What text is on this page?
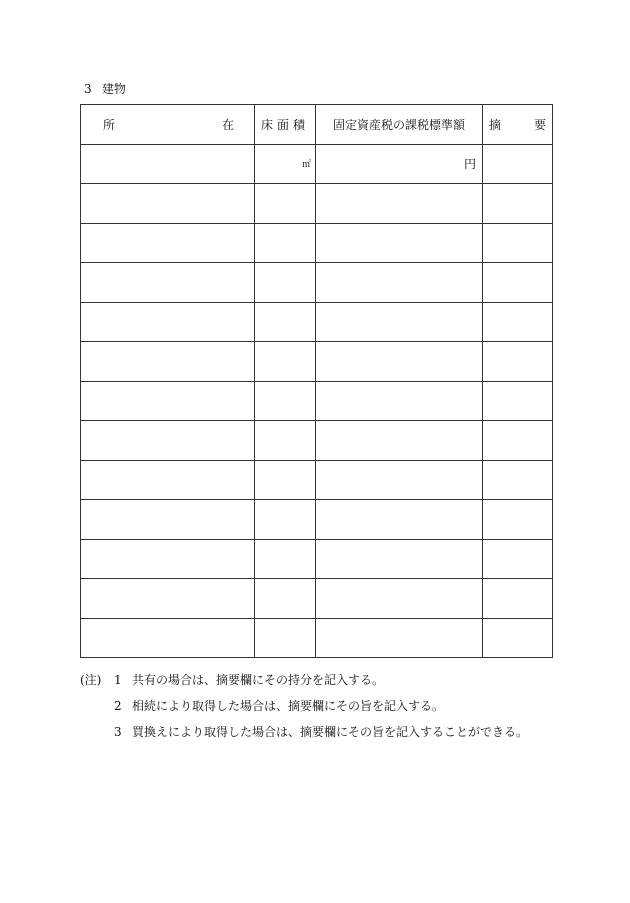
3 建物
所 在	床面積	固定資産税の課税標準額	摘 要

	㎡	円	

(注)	1 共有の場合は、摘要欄にその持分を記入する。
2 相続により取得した場合は、摘要欄にその旨を記入する。
3 買換えにより取得した場合は、摘要欄にその旨を記入することができる。
